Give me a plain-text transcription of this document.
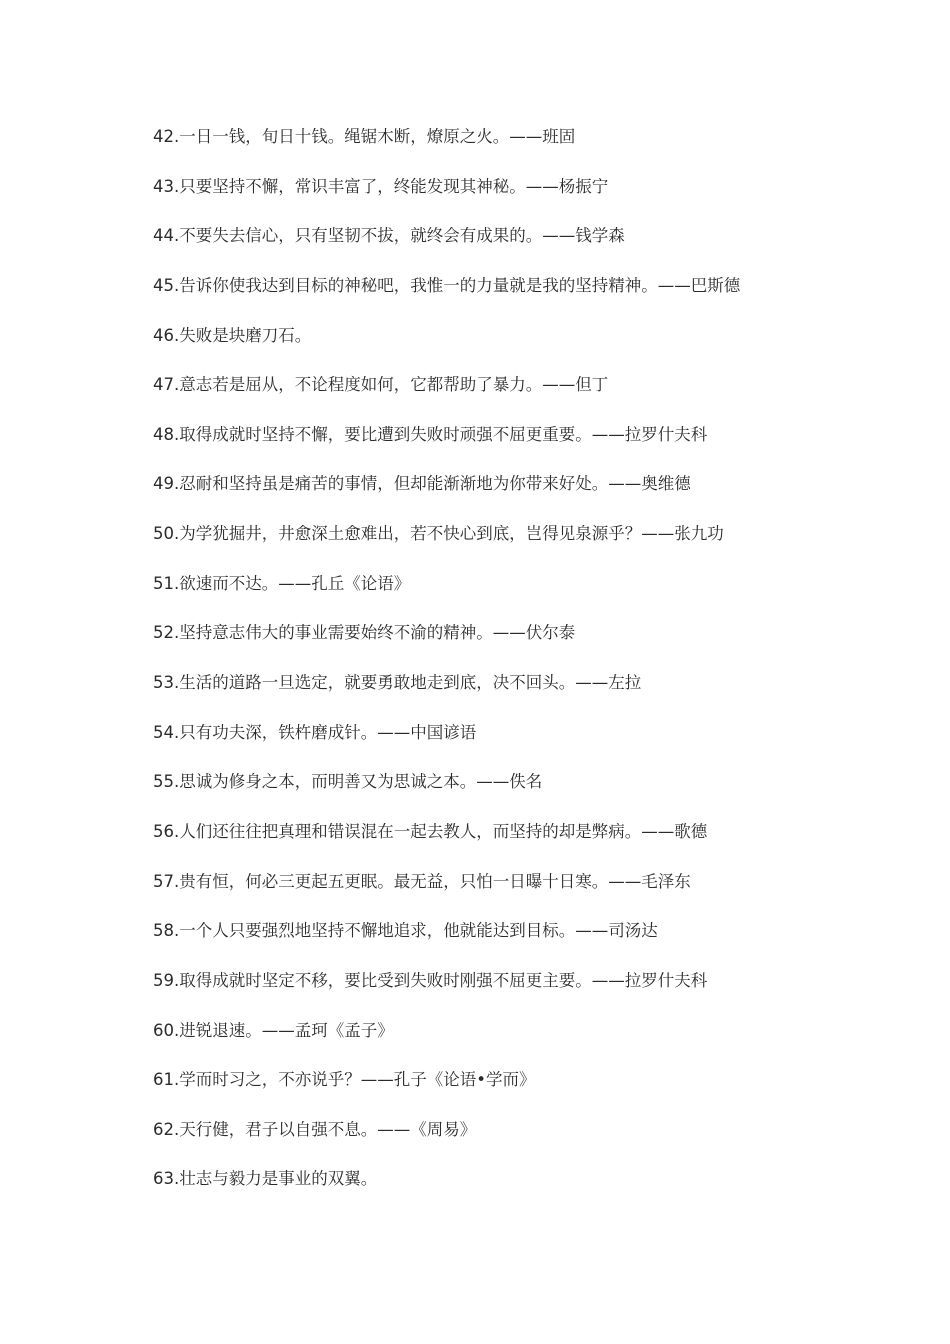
42.一日一钱，旬日十钱。绳锯木断，燎原之火。——班固
43.只要坚持不懈，常识丰富了，终能发现其神秘。——杨振宁
44.不要失去信心，只有坚韧不拔，就终会有成果的。——钱学森
45.告诉你使我达到目标的神秘吧，我惟一的力量就是我的坚持精神。——巴斯德
46.失败是块磨刀石。
47.意志若是屈从，不论程度如何，它都帮助了暴力。——但丁
48.取得成就时坚持不懈，要比遭到失败时顽强不屈更重要。——拉罗什夫科
49.忍耐和坚持虽是痛苦的事情，但却能渐渐地为你带来好处。——奥维德
50.为学犹掘井，井愈深土愈难出，若不快心到底，岂得见泉源乎？——张九功
51.欲速而不达。——孔丘《论语》
52.坚持意志伟大的事业需要始终不渝的精神。——伏尔泰
53.生活的道路一旦选定，就要勇敢地走到底，决不回头。——左拉
54.只有功夫深，铁杵磨成针。——中国谚语
55.思诚为修身之本，而明善又为思诚之本。——佚名
56.人们还往往把真理和错误混在一起去教人，而坚持的却是弊病。——歌德
57.贵有恒，何必三更起五更眠。最无益，只怕一日曝十日寒。——毛泽东
58.一个人只要强烈地坚持不懈地追求，他就能达到目标。——司汤达
59.取得成就时坚定不移，要比受到失败时刚强不屈更主要。——拉罗什夫科
60.进锐退速。——孟珂《孟子》
61.学而时习之，不亦说乎？——孔子《论语•学而》
62.天行健，君子以自强不息。——《周易》
63.壮志与毅力是事业的双翼。
